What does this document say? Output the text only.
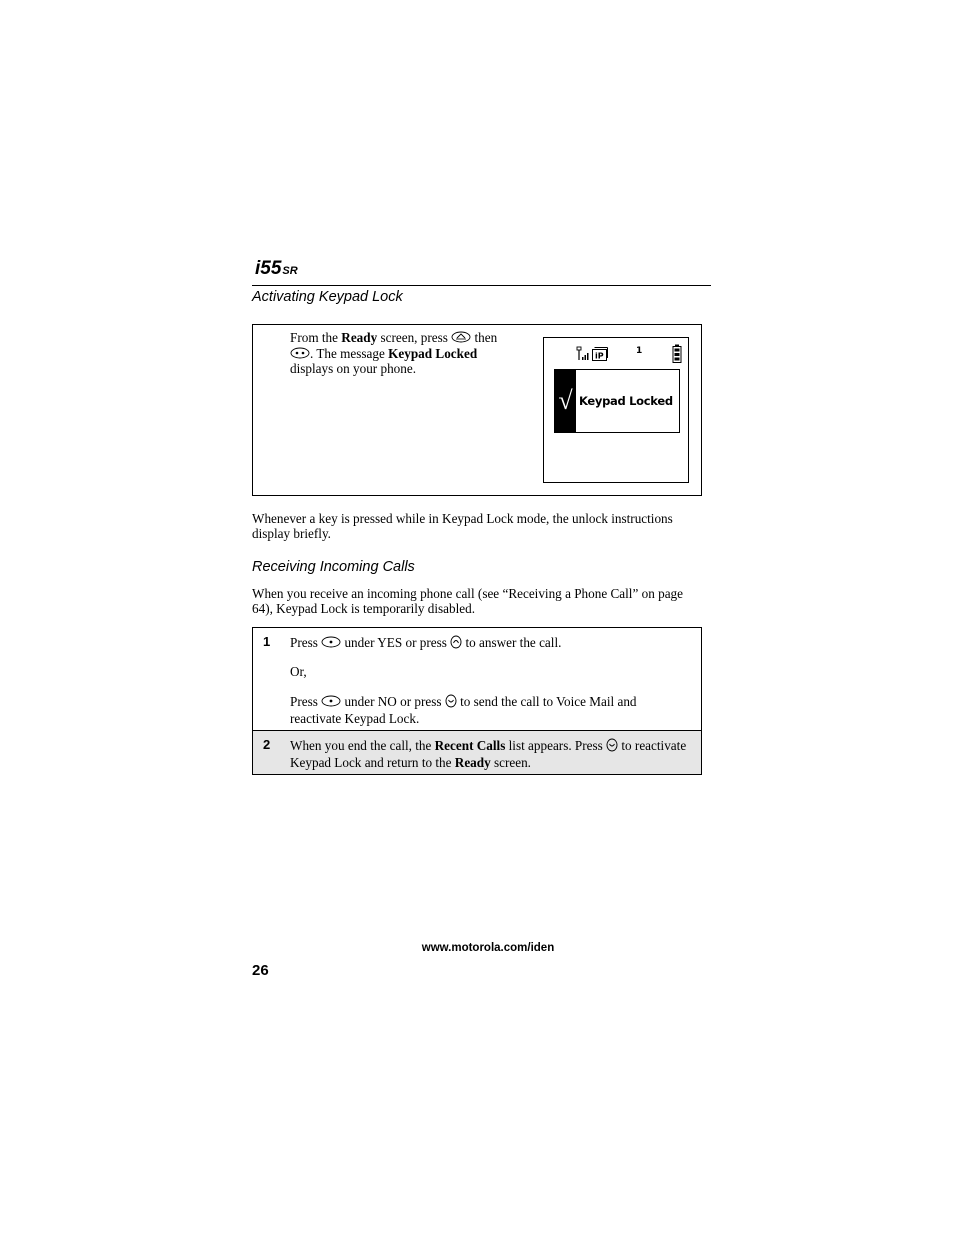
i55SR
Activating Keypad Lock
From the Ready screen, press  then
. The message Keypad Locked
displays on your phone.
iP	1
√ Keypad Locked
Whenever a key is pressed while in Keypad Lock mode, the unlock instructions display briefly.
Receiving Incoming Calls
When you receive an incoming phone call (see “Receiving a Phone Call” on page 64), Keypad Lock is temporarily disabled.
1 Press  under YES or press  to answer the call.
Or,
Press  under NO or press  to send the call to Voice Mail and reactivate Keypad Lock.
2 When you end the call, the Recent Calls list appears. Press  to reactivate Keypad Lock and return to the Ready screen.
www.motorola.com/iden
26
